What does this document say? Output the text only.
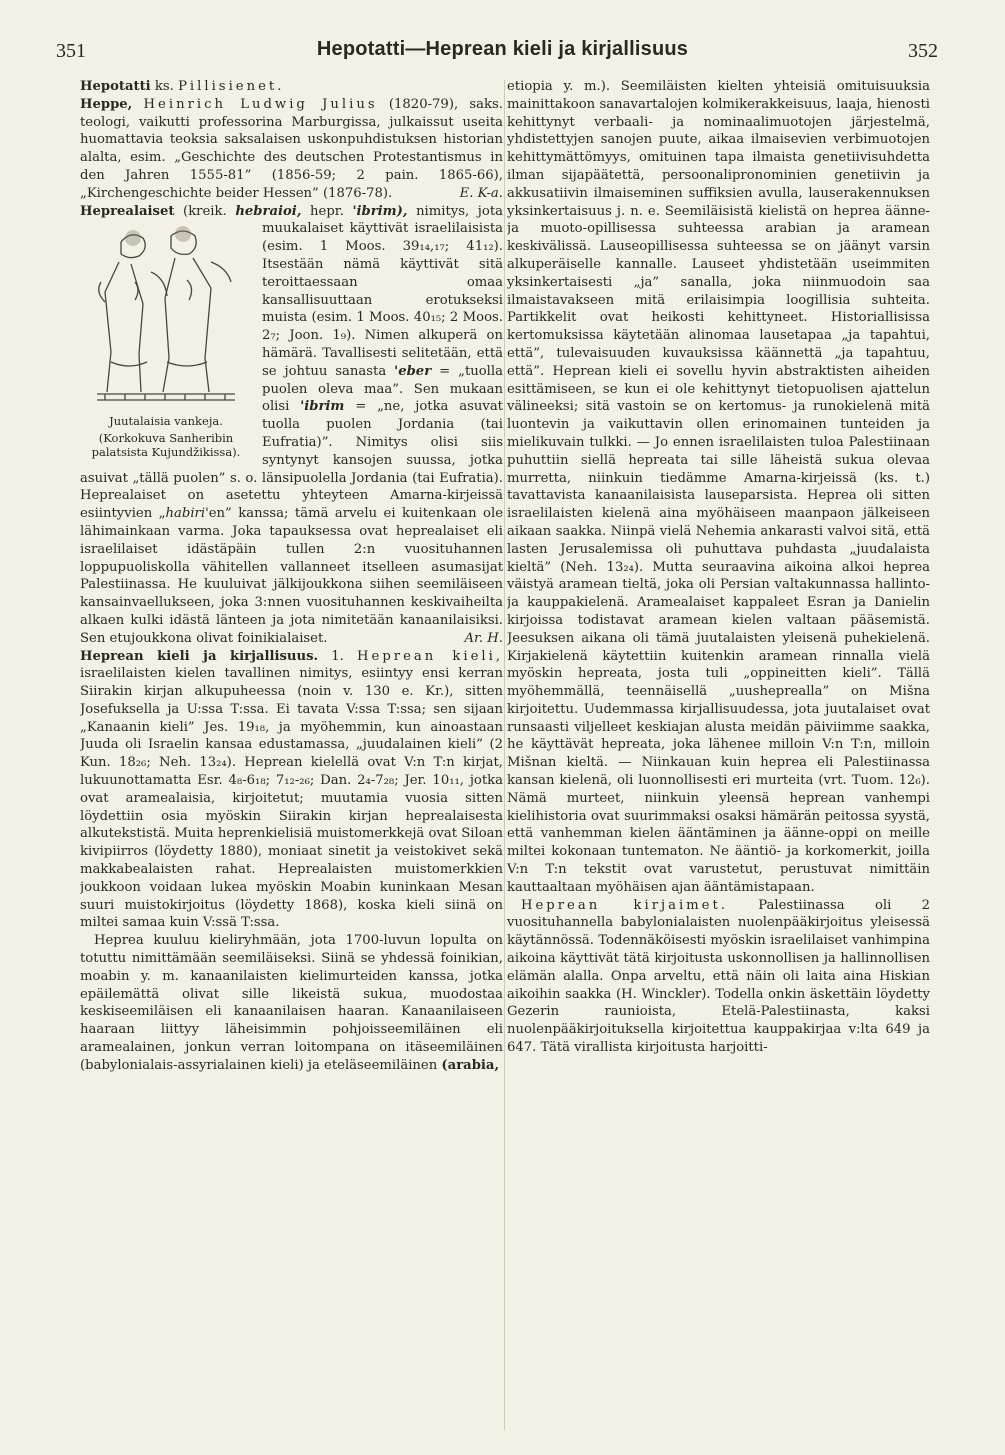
351	Hepotatti—Heprean kieli ja kirjallisuus	352

Hepotatti ks. Pillisienet.

Heppe, Heinrich Ludwig Julius (1820-79), saks. teologi, vaikutti professorina Marburgissa, julkaissut useita huomattavia teoksia saksalaisen uskonpuhdistuksen historian alalta, esim. „Geschichte des deutschen Protestantismus in den Jahren 1555-81” (1856-59; 2 pain. 1865-66), „Kirchengeschichte beider Hessen” (1876-78).	E. K-a.

Heprealaiset (kreik. hebraioi, hepr. 'ibrim),
Juutalaisia vankeja.
(Korkokuva Sanheribin palatsista Kujundžikissa).
nimitys, jota muukalaiset käyttivät israelilaisista (esim. 1 Moos. 39₁₄,₁₇; 41₁₂). Itsestään nämä käyttivät sitä teroittaessaan omaa kansallisuuttaan erotukseksi muista (esim. 1 Moos. 40₁₅; 2 Moos. 2₇; Joon. 1₉). Nimen alkuperä on hämärä. Tavallisesti selitetään, että se johtuu sanasta 'eber = „tuolla puolen oleva maa”. Sen mukaan olisi 'ibrim = „ne, jotka asuvat tuolla puolen Jordania (tai Eufratia)”. Nimitys olisi siis syntynyt kansojen suussa, jotka asuivat „tällä puolen” s. o. länsipuolella Jordania (tai Eufratia). Heprealaiset on asetettu yhteyteen Amarna-kirjeissä esiintyvien „habiri'en” kanssa; tämä arvelu ei kuitenkaan ole lähimainkaan varma. Joka tapauksessa ovat heprealaiset eli israelilaiset idästäpäin tullen 2:n vuosituhannen loppupuoliskolla vähitellen vallanneet itselleen asumasijat Palestiinassa. He kuuluivat jälkijoukkona siihen seemiläiseen kansainvaellukseen, joka 3:nnen vuosituhannen keskivaiheilta alkaen kulki idästä länteen ja jota nimitetään kanaanilaisiksi. Sen etujoukkona olivat foinikialaiset.	Ar. H.

Heprean kieli ja kirjallisuus. 1. Heprean kieli, israelilaisten kielen tavallinen nimitys, esiintyy ensi kerran Siirakin kirjan alkupuheessa (noin v. 130 e. Kr.), sitten Josefuksella ja U:ssa T:ssa. Ei tavata V:ssa T:ssa; sen sijaan „Kanaanin kieli” Jes. 19₁₈, ja myöhemmin, kun ainoastaan Juuda oli Israelin kansaa edustamassa, „juudalainen kieli” (2 Kun. 18₂₆; Neh. 13₂₄). Heprean kielellä ovat V:n T:n kirjat, lukuunottamatta Esr. 4₈-6₁₈; 7₁₂-₂₆; Dan. 2₄-7₂₈; Jer. 10₁₁, jotka ovat aramealaisia, kirjoitetut; muutamia vuosia sitten löydettiin osia myöskin Siirakin kirjan heprealaisesta alkutekstistä. Muita heprenkielisiä muistomerkkejä ovat Siloan kivipiirros (löydetty 1880), moniaat sinetit ja veistokivet sekä makkabealaisten rahat. Heprealaisten muistomerkkien joukkoon voidaan lukea myöskin Moabin kuninkaan Mesan suuri muistokirjoitus (löydetty 1868), koska kieli siinä on miltei samaa kuin V:ssä T:ssa.

Heprea kuuluu kieliryhmään, jota 1700-luvun lopulta on totuttu nimittämään seemiläiseksi. Siinä se yhdessä foinikian, moabin y. m. kanaanilaisten kielimurteiden kanssa, jotka epäilemättä olivat sille likeistä sukua, muodostaa keskiseemiläisen eli kanaanilaisen haaran. Kanaanilaiseen haaraan liittyy läheisimmin pohjoisseemiläinen eli aramealainen, jonkun verran loitompana on itäseemiläinen (babylonialais-assyrialainen kieli) ja eteläseemiläinen (arabia,

etiopia y. m.). Seemiläisten kielten yhteisiä omituisuuksia mainittakoon sanavartalojen kolmikerakkeisuus, laaja, hienosti kehittynyt verbaali- ja nominaalimuotojen järjestelmä, yhdistettyjen sanojen puute, aikaa ilmaisevien verbimuotojen kehittymättömyys, omituinen tapa ilmaista genetiivisuhdetta ilman sijapäätettä, persoonalipronominien genetiivin ja akkusatiivin ilmaiseminen suffiksien avulla, lauserakennuksen yksinkertaisuus j. n. e. Seemiläisistä kielistä on heprea äänne- ja muoto-opillisessa suhteessa arabian ja aramean keskivälissä. Lauseopillisessa suhteessa se on jäänyt varsin alkuperäiselle kannalle. Lauseet yhdistetään useimmiten yksinkertaisesti „ja” sanalla, joka niinmuodoin saa ilmaistavakseen mitä erilaisimpia loogillisia suhteita. Partikkelit ovat heikosti kehittyneet. Historiallisissa kertomuksissa käytetään alinomaa lausetapaa „ja tapahtui, että”, tulevaisuuden kuvauksissa käännettä „ja tapahtuu, että”. Heprean kieli ei sovellu hyvin abstraktisten aiheiden esittämiseen, se kun ei ole kehittynyt tietopuolisen ajattelun välineeksi; sitä vastoin se on kertomus- ja runokielenä mitä luontevin ja vaikuttavin ollen erinomainen tunteiden ja mielikuvain tulkki. — Jo ennen israelilaisten tuloa Palestiinaan puhuttiin siellä hepreata tai sille läheistä sukua olevaa murretta, niinkuin tiedämme Amarna-kirjeissä (ks. t.) tavattavista kanaanilaisista lauseparsista. Heprea oli sitten israelilaisten kielenä aina myöhäiseen maanpaon jälkeiseen aikaan saakka. Niinpä vielä Nehemia ankarasti valvoi sitä, että lasten Jerusalemissa oli puhuttava puhdasta „juudalaista kieltä” (Neh. 13₂₄). Mutta seuraavina aikoina alkoi heprea väistyä aramean tieltä, joka oli Persian valtakunnassa hallinto- ja kauppakielenä. Aramealaiset kappaleet Esran ja Danielin kirjoissa todistavat aramean kielen valtaan pääsemistä. Jeesuksen aikana oli tämä juutalaisten yleisenä puhekielenä. Kirjakielenä käytettiin kuitenkin aramean rinnalla vielä myöskin hepreata, josta tuli „oppineitten kieli”. Tällä myöhemmällä, teennäisellä „uushepreallа” on Mišna kirjoitettu. Uudemmassa kirjallisuudessa, jota juutalaiset ovat runsaasti viljelleet keskiajan alusta meidän päiviimme saakka, he käyttävät hepreata, joka lähenee milloin V:n T:n, milloin Mišnan kieltä. — Niinkauan kuin heprea eli Palestiinassa kansan kielenä, oli luonnollisesti eri murteita (vrt. Tuom. 12₆). Nämä murteet, niinkuin yleensä heprean vanhempi kielihistoria ovat suurimmaksi osaksi hämärän peitossa syystä, että vanhemman kielen ääntäminen ja äänne-oppi on meille miltei kokonaan tuntematon. Ne ääntiö- ja korkomerkit, joilla V:n T:n tekstit ovat varustetut, perustuvat nimittäin kauttaaltaan myöhäisen ajan ääntämistapaan.

Heprean kirjaimet. Palestiinassa oli 2 vuosituhannella babylonialaisten nuolenpääkirjoitus yleisessä käytännössä. Todennäköisesti myöskin israelilaiset vanhimpina aikoina käyttivät tätä kirjoitusta uskonnollisen ja hallinnollisen elämän alalla. Onpa arveltu, että näin oli laita aina Hiskian aikoihin saakka (H. Winckler). Todella onkin äskettäin löydetty Gezerin raunioista, Etelä-Palestiinasta, kaksi nuolenpääkirjoituksella kirjoitettua kauppakirjaa v:lta 649 ja 647. Tätä virallista kirjoitusta harjoitti-
